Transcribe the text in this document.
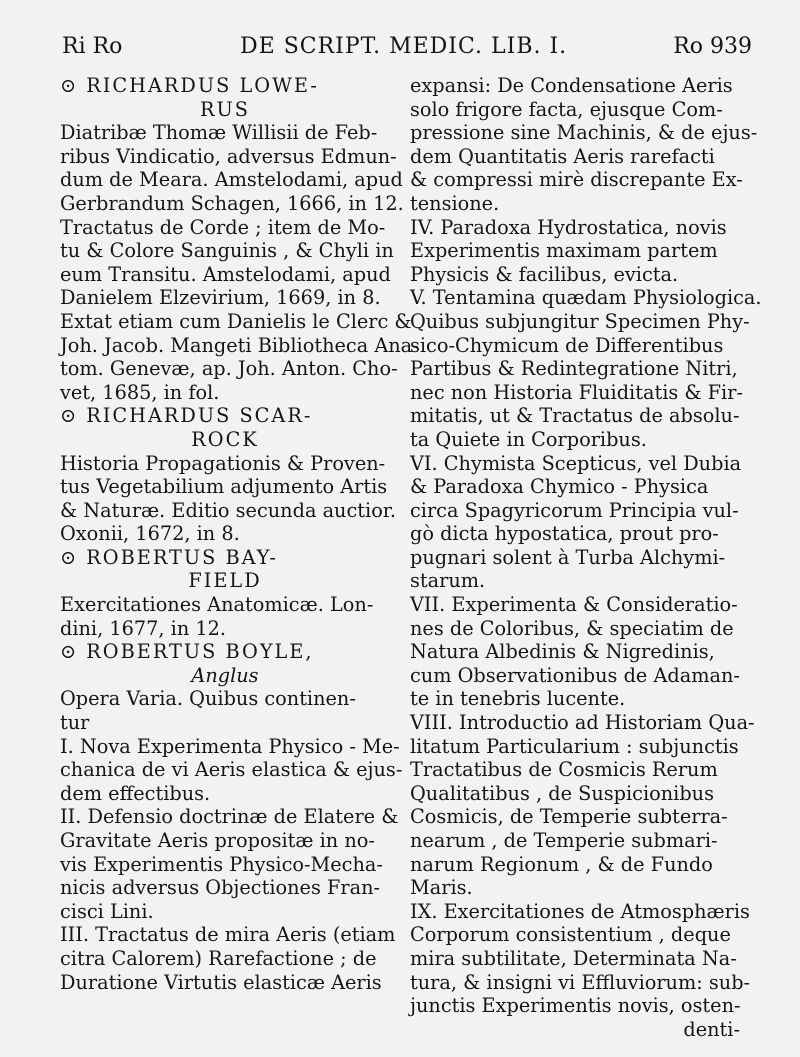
Ri Ro	DE SCRIPT. MEDIC. LIB. I.	Ro 939
⊙ RICHARDUS LOWE-
RUS
Diatribæ Thomæ Willisii de Feb-
ribus Vindicatio, adversus Edmun-
dum de Meara. Amstelodami, apud
Gerbrandum Schagen, 1666, in 12.
Tractatus de Corde ; item de Mo-
tu & Colore Sanguinis , & Chyli in
eum Transitu. Amstelodami, apud
Danielem Elzevirium, 1669, in 8.
Extat etiam cum Danielis le Clerc &
Joh. Jacob. Mangeti Bibliotheca Ana-
tom. Genevæ, ap. Joh. Anton. Cho-
vet, 1685, in fol.
⊙ RICHARDUS SCAR-
ROCK
Historia Propagationis & Proven-
tus Vegetabilium adjumento Artis
& Naturæ. Editio secunda auctior.
Oxonii, 1672, in 8.
⊙ ROBERTUS BAY-
FIELD
Exercitationes Anatomicæ. Lon-
dini, 1677, in 12.
⊙ ROBERTUS BOYLE,
Anglus
Opera Varia. Quibus continen-
tur
I. Nova Experimenta Physico - Me-
chanica de vi Aeris elastica & ejus-
dem effectibus.
II. Defensio doctrinæ de Elatere &
Gravitate Aeris propositæ in no-
vis Experimentis Physico-Mecha-
nicis adversus Objectiones Fran-
cisci Lini.
III. Tractatus de mira Aeris (etiam
citra Calorem) Rarefactione ; de
Duratione Virtutis elasticæ Aeris
expansi: De Condensatione Aeris
solo frigore facta, ejusque Com-
pressione sine Machinis, & de ejus-
dem Quantitatis Aeris rarefacti
& compressi mirè discrepante Ex-
tensione.
IV. Paradoxa Hydrostatica, novis
Experimentis maximam partem
Physicis & facilibus, evicta.
V. Tentamina quædam Physiologica.
Quibus subjungitur Specimen Phy-
sico-Chymicum de Differentibus
Partibus & Redintegratione Nitri,
nec non Historia Fluiditatis & Fir-
mitatis, ut & Tractatus de absolu-
ta Quiete in Corporibus.
VI. Chymista Scepticus, vel Dubia
& Paradoxa Chymico - Physica
circa Spagyricorum Principia vul-
gò dicta hypostatica, prout pro-
pugnari solent à Turba Alchymi-
starum.
VII. Experimenta & Consideratio-
nes de Coloribus, & speciatim de
Natura Albedinis & Nigredinis,
cum Observationibus de Adaman-
te in tenebris lucente.
VIII. Introductio ad Historiam Qua-
litatum Particularium : subjunctis
Tractatibus de Cosmicis Rerum
Qualitatibus , de Suspicionibus
Cosmicis, de Temperie subterra-
nearum , de Temperie submari-
narum Regionum , & de Fundo
Maris.
IX. Exercitationes de Atmosphæris
Corporum consistentium , deque
mira subtilitate, Determinata Na-
tura, & insigni vi Effluviorum: sub-
junctis Experimentis novis, osten-
denti-
